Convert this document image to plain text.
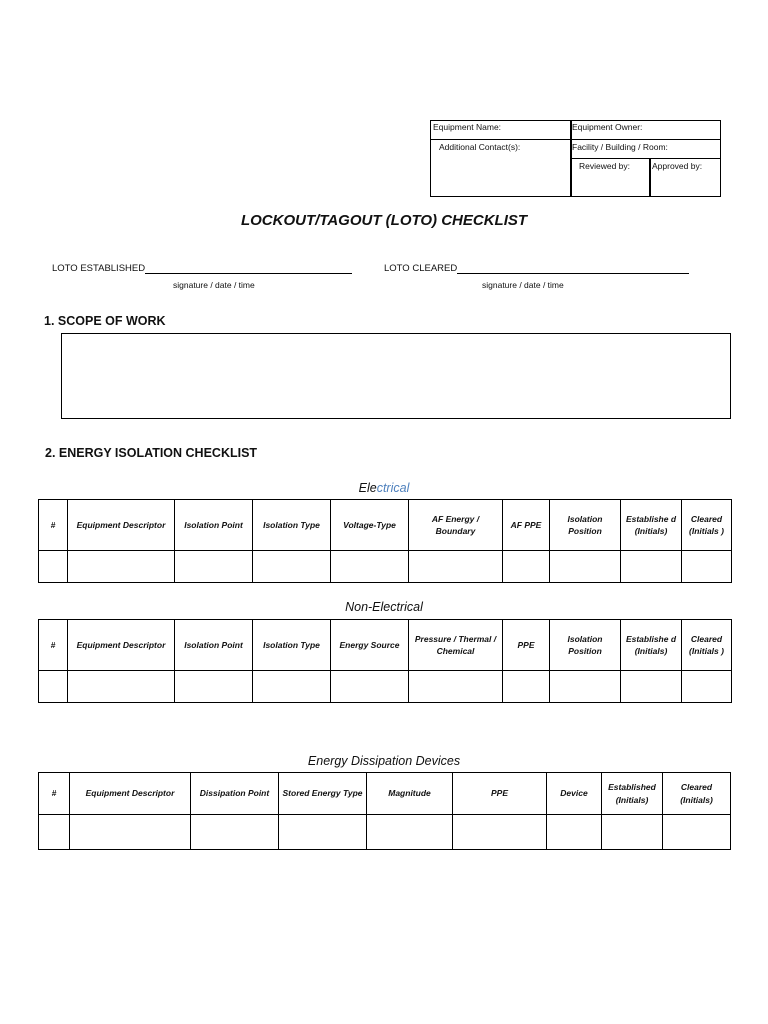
Equipment Name:	Equipment Owner:
Additional Contact(s):	Facility / Building / Room:
Reviewed by:	Approved by:
LOCKOUT/TAGOUT (LOTO) CHECKLIST
LOTO ESTABLISHED
signature / date / time
LOTO CLEARED
signature / date / time
1. SCOPE OF WORK
2. ENERGY ISOLATION CHECKLIST
Electrical
#	Equipment Descriptor	Isolation Point	Isolation Type	Voltage-Type	AF Energy / Boundary	AF PPE	Isolation Position	Establishe d (Initials)	Cleared (Initials )

Non-Electrical
#	Equipment Descriptor	Isolation Point	Isolation Type	Energy Source	Pressure / Thermal / Chemical	PPE	Isolation Position	Establishe d (Initials)	Cleared (Initials )

Energy Dissipation Devices
#	Equipment Descriptor	Dissipation Point	Stored Energy Type	Magnitude	PPE	Device	Established (Initials)	Cleared (Initials)
